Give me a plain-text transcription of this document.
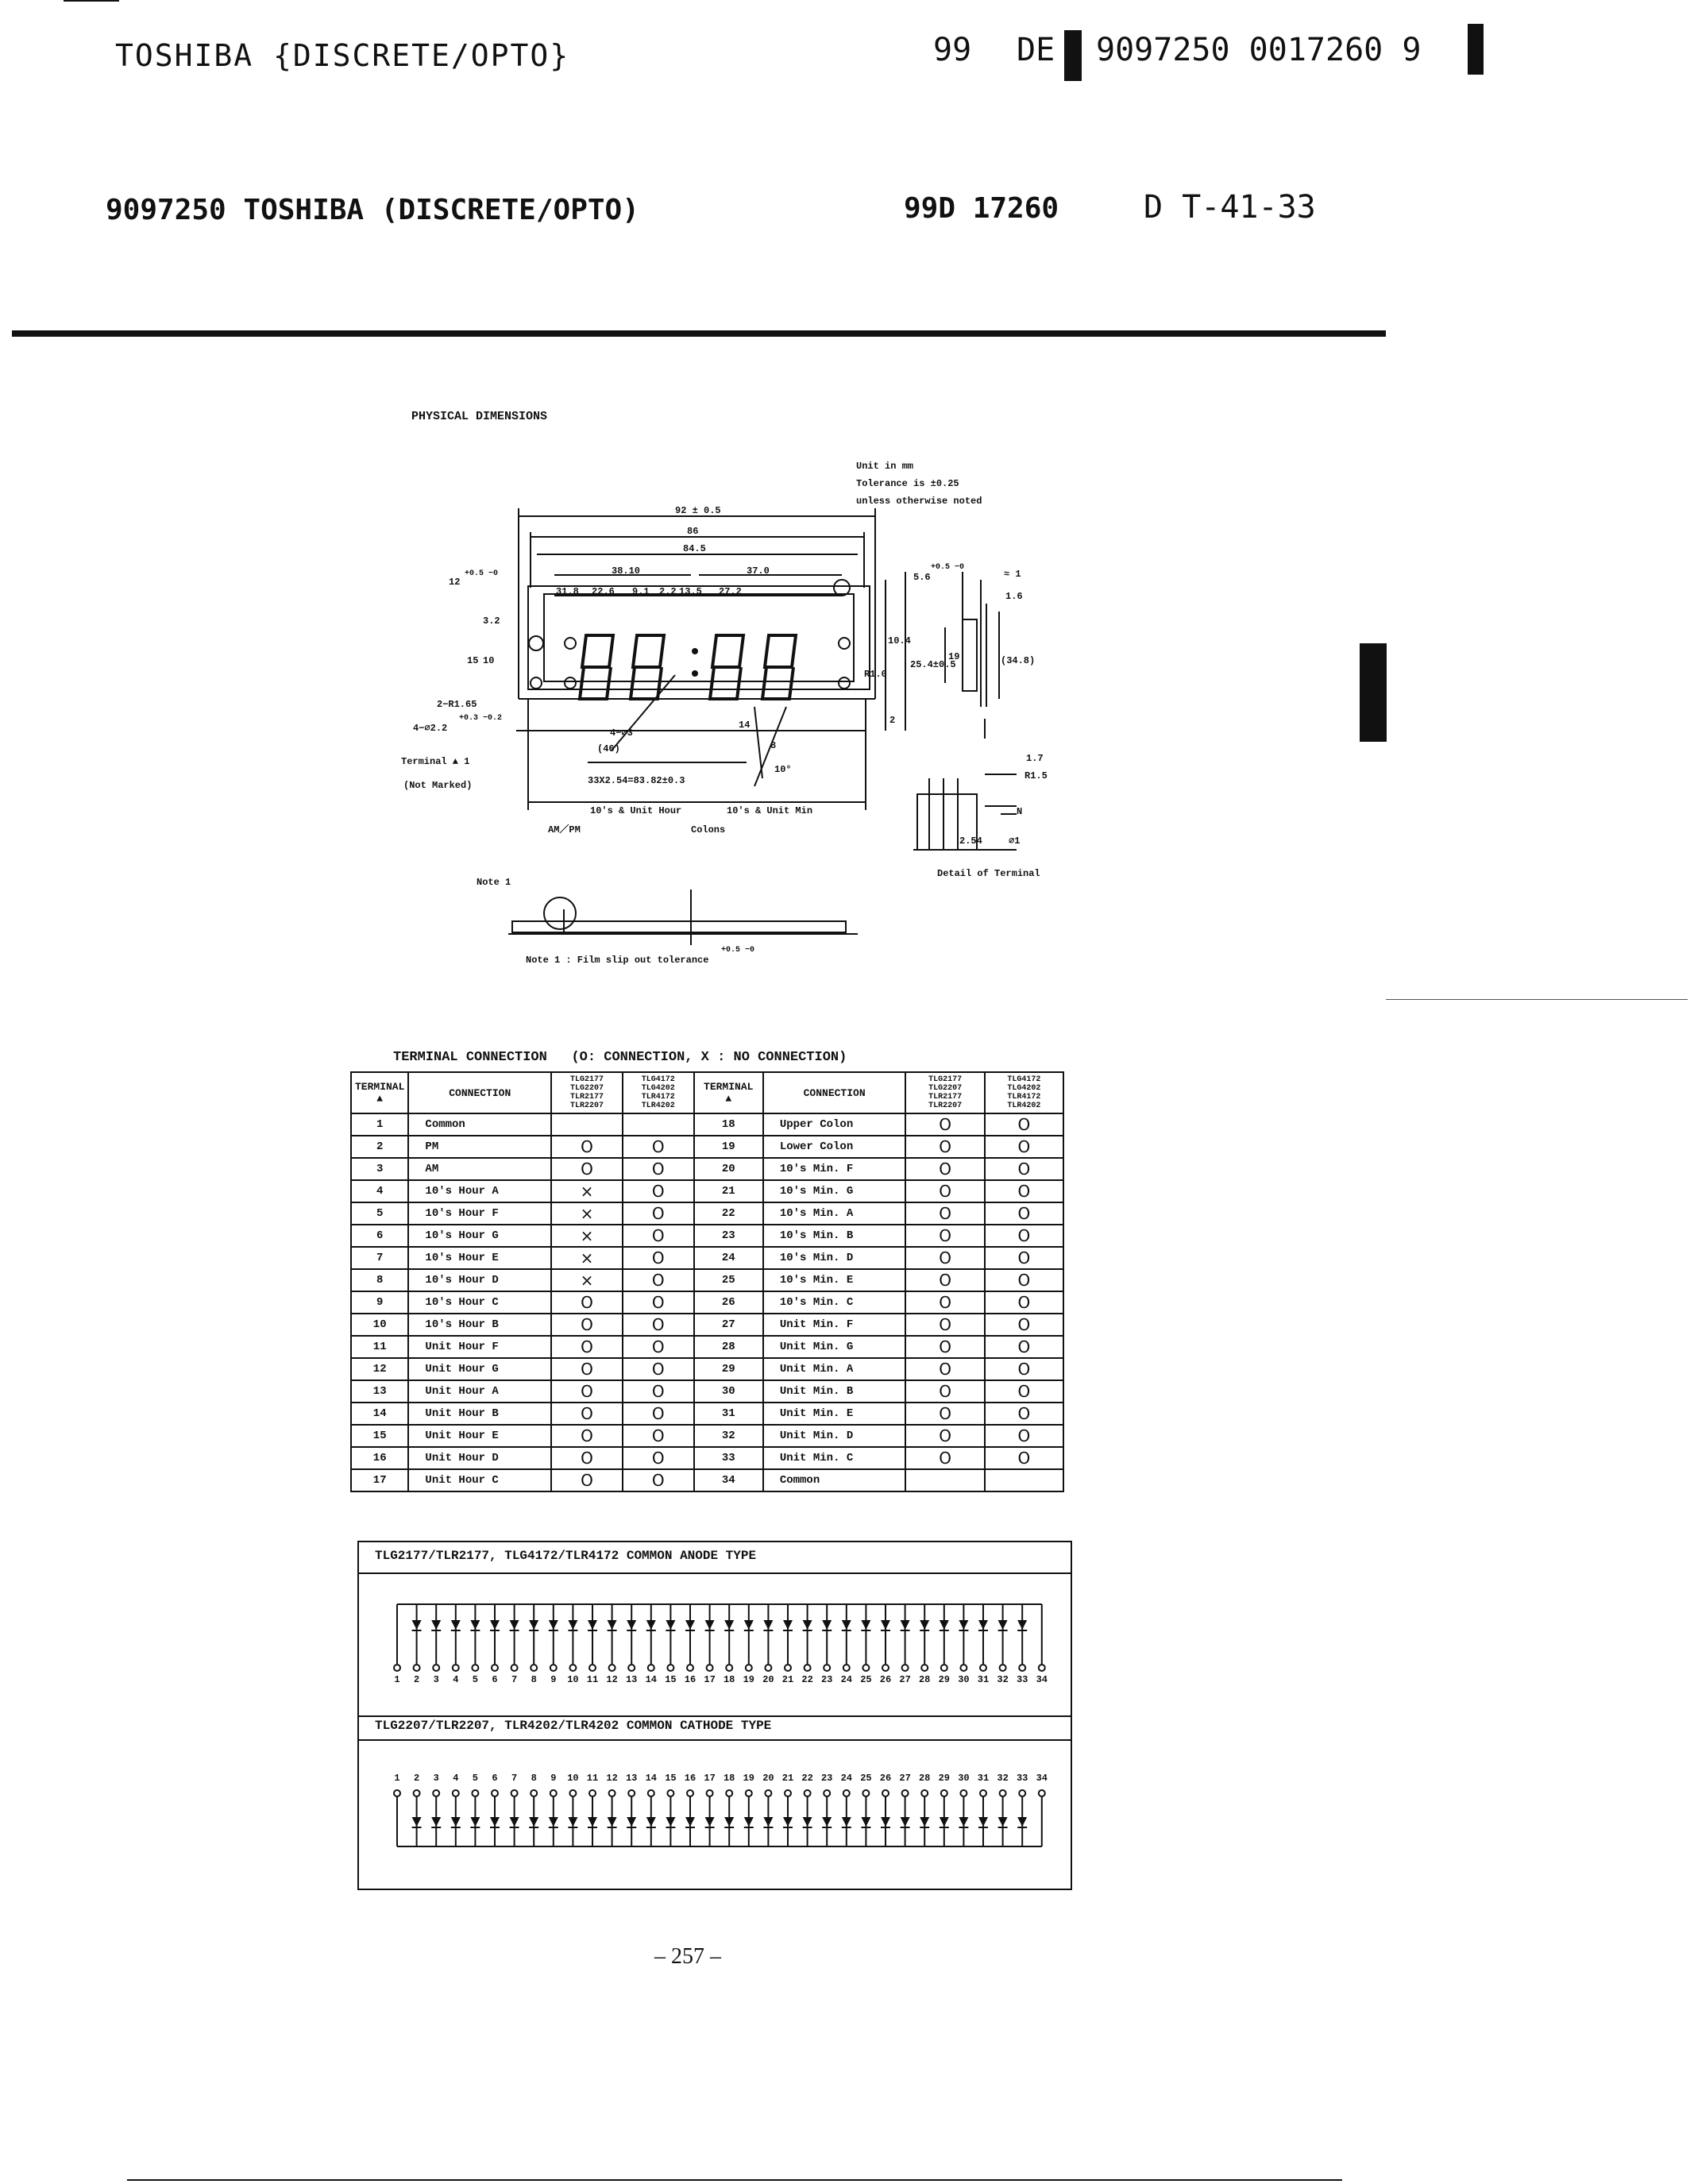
TOSHIBA {DISCRETE/OPTO}	99 DE 9097250 0017260 9
9097250 TOSHIBA (DISCRETE/OPTO)	99D 17260	D T-41-33
PHYSICAL DIMENSIONS
Unit in mm
Tolerance is ±0.25
unless otherwise noted
92 ± 0.5
86
84.5
38.10	37.0
31.8 22.6 9.1 2.2 13.5 27.2
12
+0.5 −0
3.2
15 10	25.4±0.5
2
10.4
R1.0
2−R1.65
4−∅2.2
+0.3 −0.2
4−∅3
(46)
33X2.54=83.82±0.3
Terminal ▲ 1
(Not Marked)
14
8
10°
10's & Unit Hour	10's & Unit Min
AM／PM	Colons
5.6
+0.5 −0
≈ 1
1.6
19	(34.8)
1.7
R1.5
N
2.54	∅1
Detail of Terminal
Note 1
Note 1 : Film slip out tolerance
+0.5 −0
TERMINAL CONNECTION (O: CONNECTION, X : NO CONNECTION)
TERMINAL ▲	CONNECTION	TLG2177 TLG2207 TLR2177 TLR2207	TLG4172 TLG4202 TLR4172 TLR4202	TERMINAL ▲	CONNECTION	TLG2177 TLG2207 TLR2177 TLR2207	TLG4172 TLG4202 TLR4172 TLR4202
1	Common			18	Upper Colon	O	O
2	PM	O	O	19	Lower Colon	O	O
3	AM	O	O	20	10's Min. F	O	O
4	10's Hour A	×	O	21	10's Min. G	O	O
5	10's Hour F	×	O	22	10's Min. A	O	O
6	10's Hour G	×	O	23	10's Min. B	O	O
7	10's Hour E	×	O	24	10's Min. D	O	O
8	10's Hour D	×	O	25	10's Min. E	O	O
9	10's Hour C	O	O	26	10's Min. C	O	O
10	10's Hour B	O	O	27	Unit Min. F	O	O
11	Unit Hour F	O	O	28	Unit Min. G	O	O
12	Unit Hour G	O	O	29	Unit Min. A	O	O
13	Unit Hour A	O	O	30	Unit Min. B	O	O
14	Unit Hour B	O	O	31	Unit Min. E	O	O
15	Unit Hour E	O	O	32	Unit Min. D	O	O
16	Unit Hour D	O	O	33	Unit Min. C	O	O
17	Unit Hour C	O	O	34	Common		
TLG2177/TLR2177, TLG4172/TLR4172 COMMON ANODE TYPE
TLG2207/TLR2207, TLR4202/TLR4202 COMMON CATHODE TYPE
1	2	3	4	5	6	7	8	9	10 11 12 13 14 15 16 17 18 19 20 21 22 23 24 25 26 27 28 29 30 31 32 33 34
1	2	3	4	5	6	7	8	9	10 11 12 13 14 15 16 17 18 19 20 21 22 23 24 25 26 27 28 29 30 31 32 33 34
– 257 –
